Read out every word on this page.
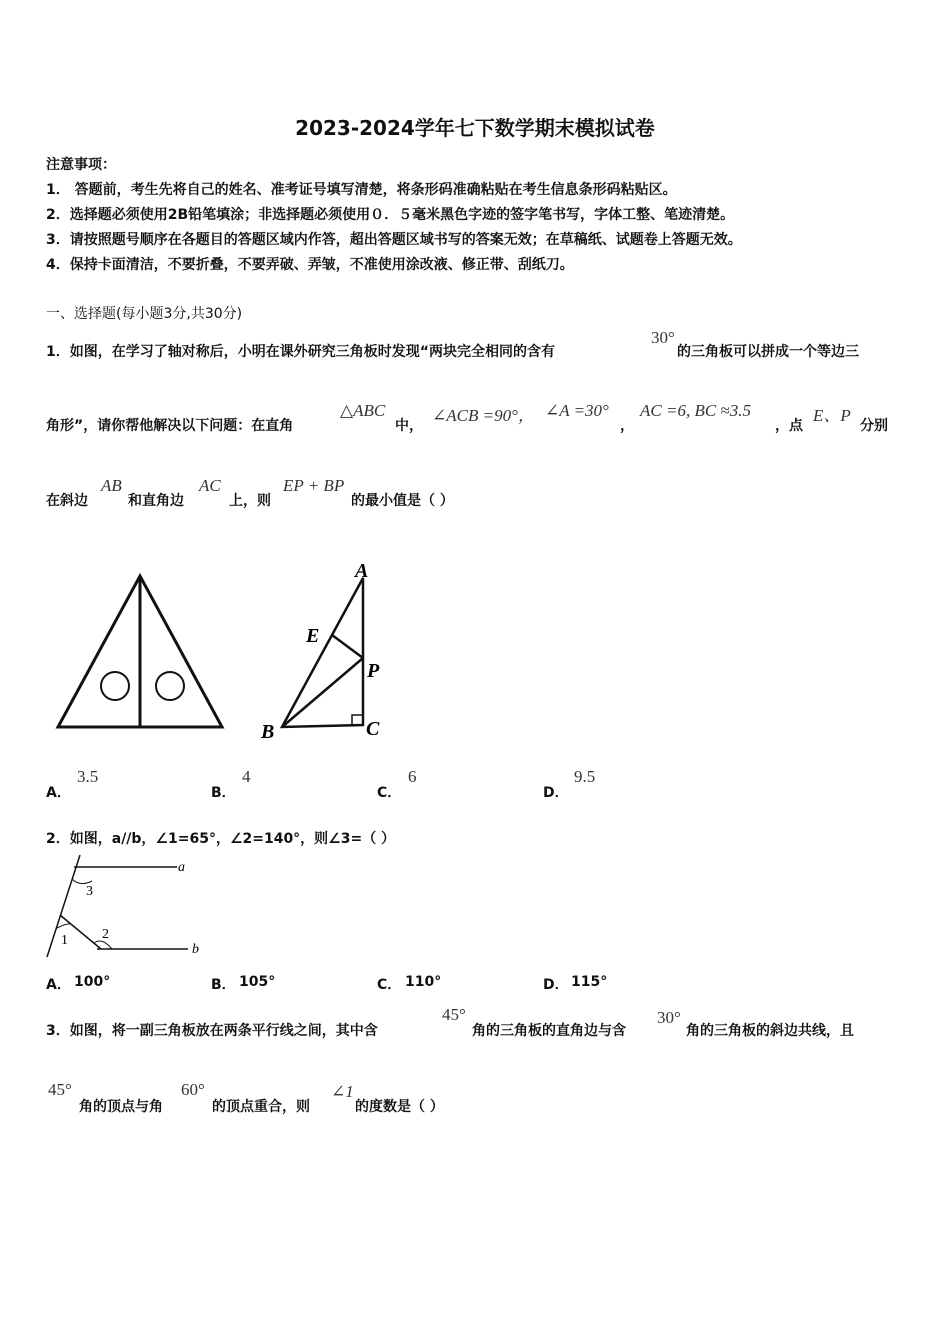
2023-2024学年七下数学期末模拟试卷
注意事项：
1． 答题前，考生先将自己的姓名、准考证号填写清楚，将条形码准确粘贴在考生信息条形码粘贴区。
2．选择题必须使用2B铅笔填涂；非选择题必须使用０．５毫米黑色字迹的签字笔书写，字体工整、笔迹清楚。
3．请按照题号顺序在各题目的答题区域内作答，超出答题区域书写的答案无效；在草稿纸、试题卷上答题无效。
4．保持卡面清洁，不要折叠，不要弄破、弄皱，不准使用涂改液、修正带、刮纸刀。
一、选择题(每小题3分,共30分)
1．如图，在学习了轴对称后，小明在课外研究三角板时发现“两块完全相同的含有
30°
的三角板可以拼成一个等边三
角形”，请你帮他解决以下问题：在直角
△ABC
中，
∠ACB =90°， ∠A =30°
，
AC =6, BC ≈3.5
，点
E、P
分别
在斜边
AB
和直角边
AC
上，则
EP + BP
的最小值是（ ）
A
E
P
B	C
A．
3.5
B．
4
C．
6
D．
9.5
2．如图，a//b，∠1=65°，∠2=140°，则∠3=（ ）
a
b
3
1 2
A． 100°	B． 105°	C． 110°	D． 115°
3．如图，将一副三角板放在两条平行线之间，其中含
45°
角的三角板的直角边与含
30°
角的三角板的斜边共线，且
45°
角的顶点与角
60°
的顶点重合，则
∠1
的度数是（ ）
